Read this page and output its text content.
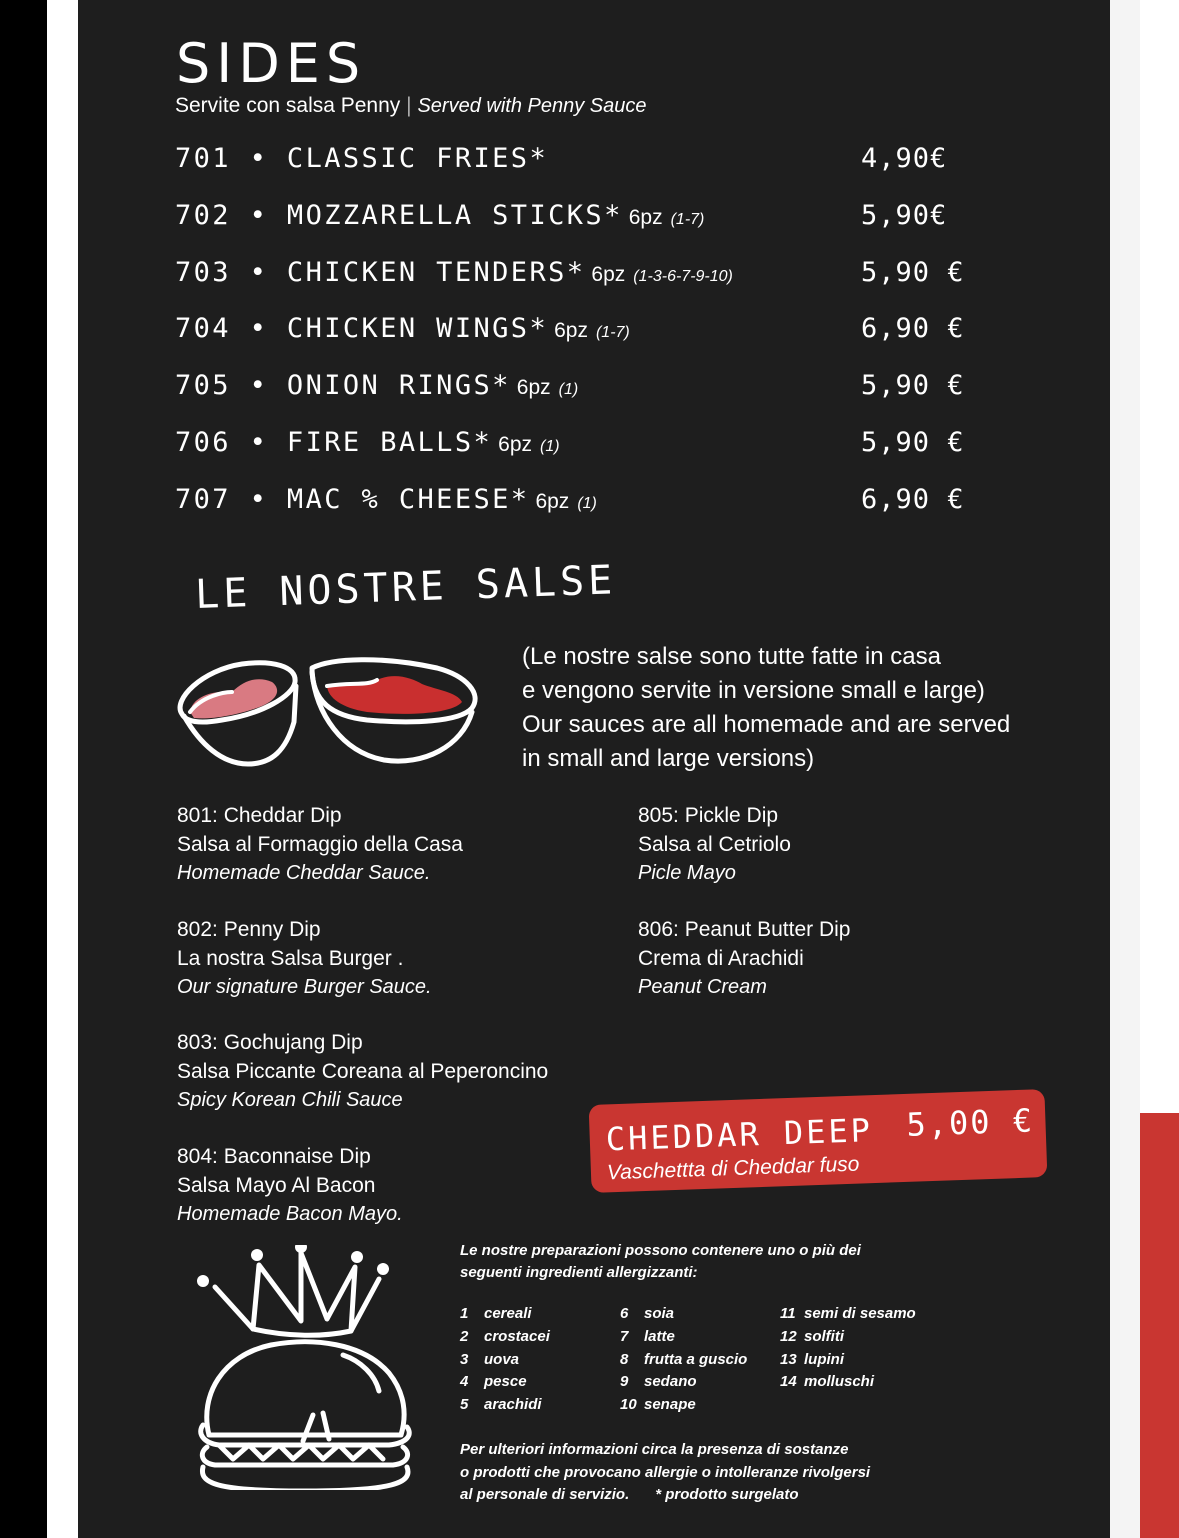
SIDES
Servite con salsa Penny | Served with Penny Sauce
701 • CLASSIC FRIES*	4,90€
702 • MOZZARELLA STICKS* 6pz (1-7)	5,90€
703 • CHICKEN TENDERS* 6pz (1-3-6-7-9-10)	5,90 €
704 • CHICKEN WINGS* 6pz (1-7)	6,90 €
705 • ONION RINGS* 6pz (1)	5,90 €
706 • FIRE BALLS* 6pz (1)	5,90 €
707 • MAC % CHEESE* 6pz (1)	6,90 €
LE NOSTRE SALSE
(Le nostre salse sono tutte fatte in casa
e vengono servite in versione small e large)
Our sauces are all homemade and are served
in small and large versions)
801: Cheddar Dip
Salsa al Formaggio della Casa
Homemade Cheddar Sauce.
802: Penny Dip
La nostra Salsa Burger .
Our signature Burger Sauce.
803: Gochujang Dip
Salsa Piccante Coreana al Peperoncino
Spicy Korean Chili Sauce
804: Baconnaise Dip
Salsa Mayo Al Bacon
Homemade Bacon Mayo.
805: Pickle Dip
Salsa al Cetriolo
Picle Mayo
806: Peanut Butter Dip
Crema di Arachidi
Peanut Cream
CHEDDAR DEEP 5,00 €
Vaschettta di Cheddar fuso
Le nostre preparazioni possono contenere uno o più dei seguenti ingredienti allergizzanti:
1 cereali
2 crostacei
3 uova
4 pesce
5 arachidi
6 soia
7 latte
8 frutta a guscio
9 sedano
10 senape
11 semi di sesamo
12 solfiti
13 lupini
14 molluschi
Per ulteriori informazioni circa la presenza di sostanze
o prodotti che provocano allergie o intolleranze rivolgersi
al personale di servizio. * prodotto surgelato
